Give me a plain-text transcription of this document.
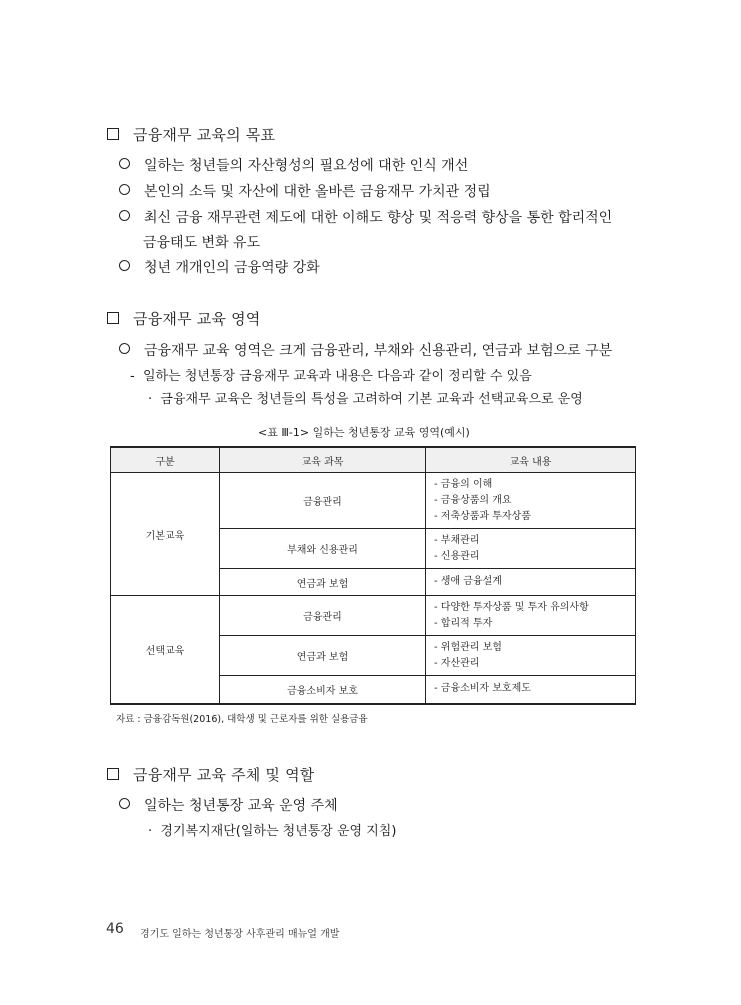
금융재무 교육의 목표
일하는 청년들의 자산형성의 필요성에 대한 인식 개선
본인의 소득 및 자산에 대한 올바른 금융재무 가치관 정립
최신 금융 재무관련 제도에 대한 이해도 향상 및 적응력 향상을 통한 합리적인
금융태도 변화 유도
청년 개개인의 금융역량 강화
금융재무 교육 영역
금융재무 교육 영역은 크게 금융관리, 부채와 신용관리, 연금과 보험으로 구분
- 일하는 청년통장 금융재무 교육과 내용은 다음과 같이 정리할 수 있음
· 금융재무 교육은 청년들의 특성을 고려하여 기본 교육과 선택교육으로 운영
<표 Ⅲ-1> 일하는 청년통장 교육 영역(예시)
구분	교육 과목	교육 내용
기본교육	금융관리	- 금융의 이해
- 금융상품의 개요
- 저축상품과 투자상품

	부채와 신용관리	- 부채관리
- 신용관리

	연금과 보험	- 생애 금융설계

선택교육	금융관리	- 다양한 투자상품 및 투자 유의사항
- 합리적 투자

	연금과 보험	- 위험관리 보험
- 자산관리

	금융소비자 보호	- 금융소비자 보호제도
자료 : 금융감독원(2016), 대학생 및 근로자를 위한 실용금융
금융재무 교육 주체 및 역할
일하는 청년통장 교육 운영 주체
· 경기복지재단(일하는 청년통장 운영 지침)
46 경기도 일하는 청년통장 사후관리 매뉴얼 개발
